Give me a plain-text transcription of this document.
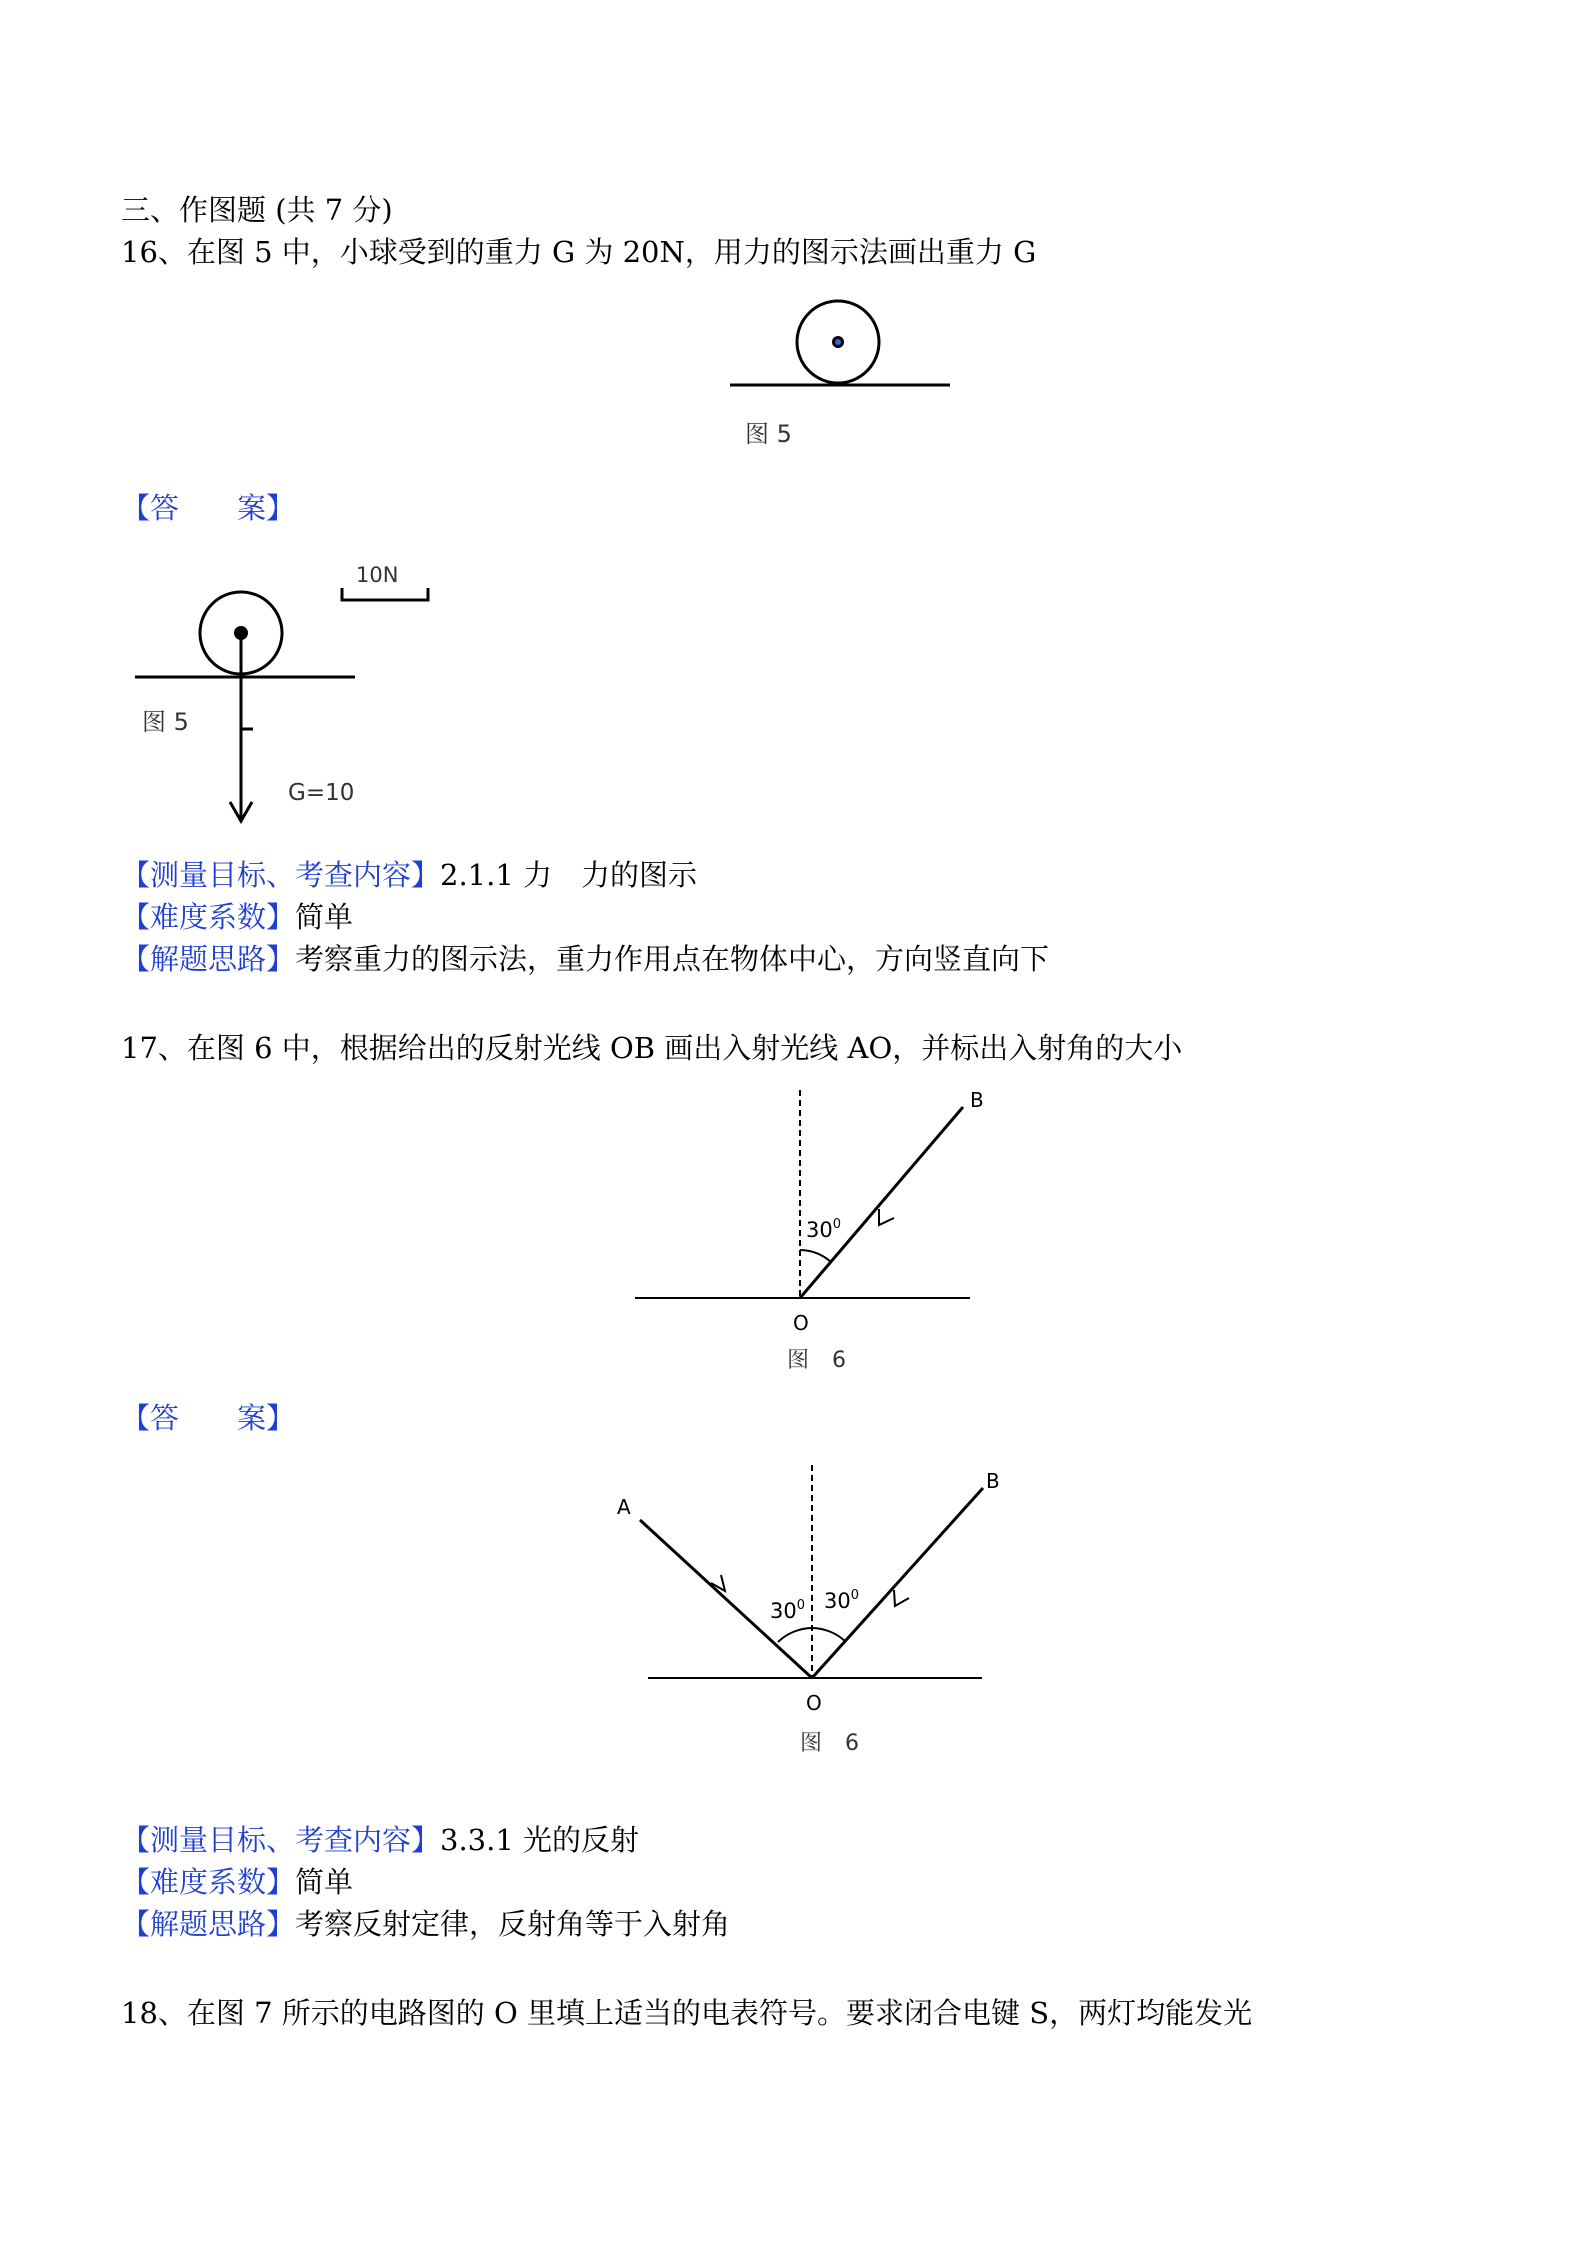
三、作图题 (共 7 分)
16、在图 5 中，小球受到的重力 G 为 20N，用力的图示法画出重力 G
图 5
【答　　案】
10N
图 5
G=10
【测量目标、考查内容】2.1.1 力　力的图示
【难度系数】简单
【解题思路】考察重力的图示法，重力作用点在物体中心，方向竖直向下
17、在图 6 中，根据给出的反射光线 OB 画出入射光线 AO，并标出入射角的大小
$30^0$
B
O
图 6
【答　　案】
$30^0$ $30^0$
A
B
O
图 6
【测量目标、考查内容】3.3.1 光的反射
【难度系数】简单
【解题思路】考察反射定律，反射角等于入射角
18、在图 7 所示的电路图的 O 里填上适当的电表符号。要求闭合电键 S，两灯均能发光
